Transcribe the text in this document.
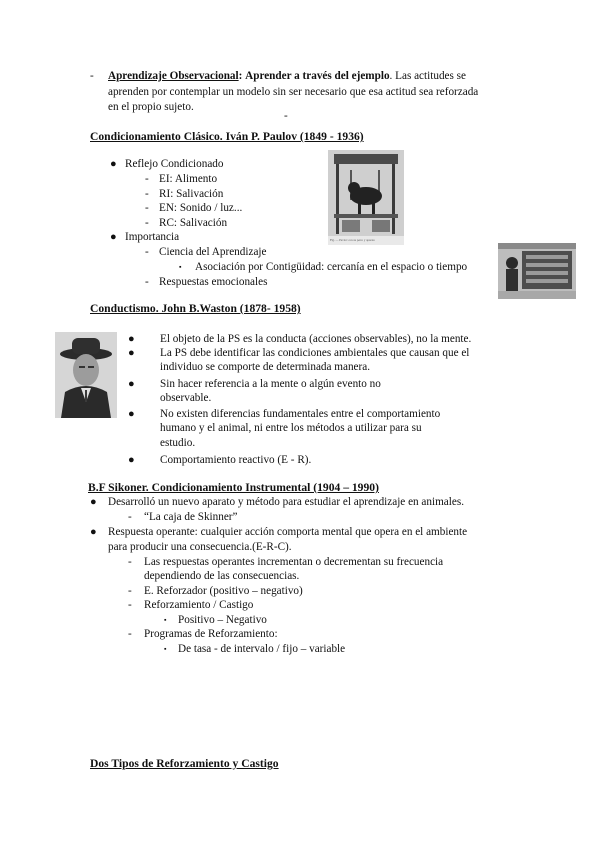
- Aprendizaje Observacional: Aprender a través del ejemplo. Las actitudes se
aprenden por contemplar un modelo sin ser necesario que esa actitud sea reforzada
en el propio sujeto.
-
Condicionamiento Clásico. Iván P. Paulov (1849 - 1936)
● Reflejo Condicionado
- EI: Alimento
- RI: Salivación
- EN: Sonido / luz...
- RC: Salivación
● Importancia
- Ciencia del Aprendizaje
▪ Asociación por Contigüidad: cercanía en el espacio o tiempo
- Respuestas emocionales
Fig. — Pavlov con su perro y aparato
Conductismo. John B.Waston (1878- 1958)
● El objeto de la PS es la conducta (acciones observables), no la mente.
● La PS debe identificar las condiciones ambientales que causan que el
individuo se comporte de determinada manera.
● Sin hacer referencia a la mente o algún evento no
observable.
● No existen diferencias fundamentales entre el comportamiento
humano y el animal, ni entre los métodos a utilizar para su
estudio.
● Comportamiento reactivo (E - R).
B.F Sikoner. Condicionamiento Instrumental (1904 – 1990)
● Desarrolló un nuevo aparato y método para estudiar el aprendizaje en animales.
- “La caja de Skinner”
● Respuesta operante: cualquier acción comporta mental que opera en el ambiente
para producir una consecuencia.(E-R-C).
- Las respuestas operantes incrementan o decrementan su frecuencia
dependiendo de las consecuencias.
- E. Reforzador (positivo – negativo)
- Reforzamiento / Castigo
▪ Positivo – Negativo
- Programas de Reforzamiento:
▪ De tasa - de intervalo / fijo – variable
Dos Tipos de Reforzamiento y Castigo
